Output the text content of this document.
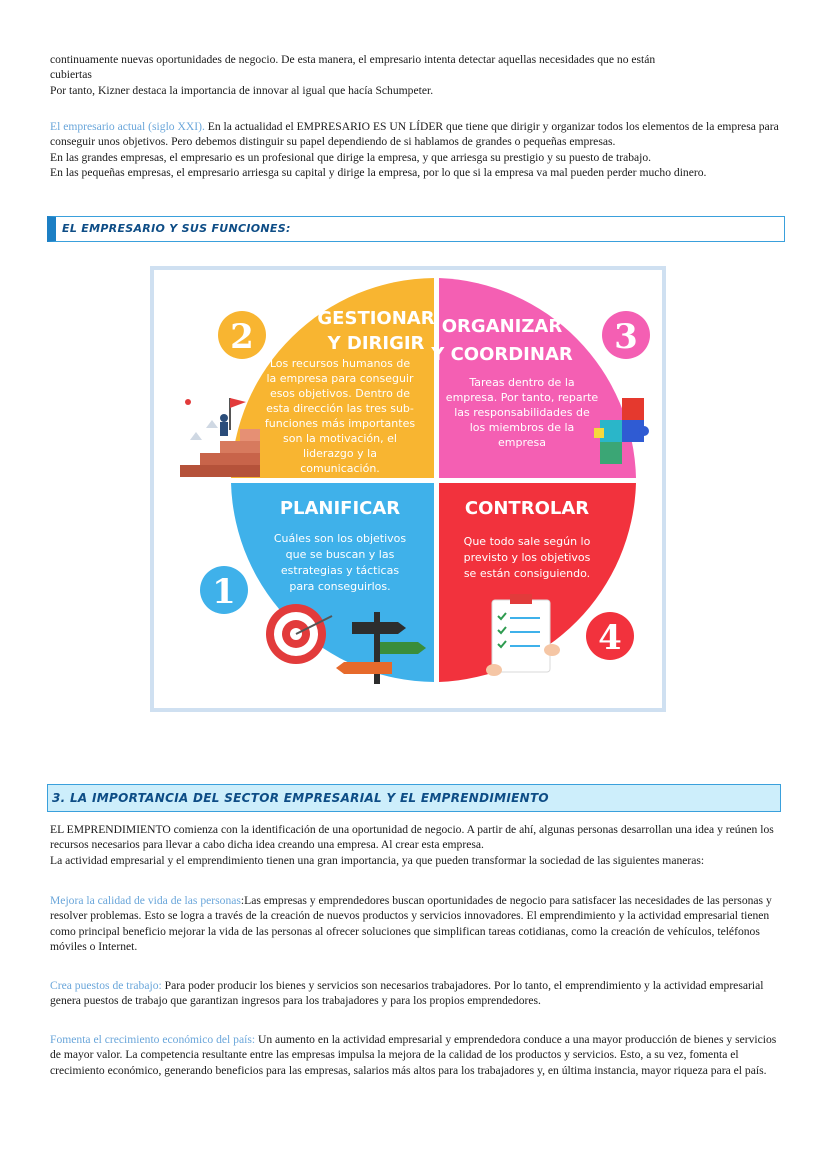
continuamente nuevas oportunidades de negocio. De esta manera, el empresario intenta detectar aquellas necesidades que no están
cubiertas
Por tanto, Kizner destaca la importancia de innovar al igual que hacía Schumpeter.

El empresario actual (siglo XXI). En la actualidad el EMPRESARIO ES UN LÍDER que tiene que dirigir y organizar todos los elementos de la empresa para conseguir unos objetivos. Pero debemos distinguir su papel dependiendo de si hablamos de grandes o pequeñas empresas.
En las grandes empresas, el empresario es un profesional que dirige la empresa, y que arriesga su prestigio y su puesto de trabajo.
En las pequeñas empresas, el empresario arriesga su capital y dirige la empresa, por lo que si la empresa va mal pueden perder mucho dinero.

EL EMPRESARIO Y SUS FUNCIONES:
2	3
1
4
GESTIONAR
Y DIRIGIR
Los recursos humanos de
la empresa para conseguir
esos objetivos. Dentro de
esta dirección las tres sub-
funciones más importantes
son la motivación, el
liderazgo y la
comunicación.
ORGANIZAR
Y COORDINAR
Tareas dentro de la
empresa. Por tanto, reparte
las responsabilidades de
los miembros de la
empresa
PLANIFICAR
Cuáles son los objetivos
que se buscan y las
estrategias y tácticas
para conseguirlos.
CONTROLAR
Que todo sale según lo
previsto y los objetivos
se están consiguiendo.
3. LA IMPORTANCIA DEL SECTOR EMPRESARIAL Y EL EMPRENDIMIENTO

EL EMPRENDIMIENTO comienza con la identificación de una oportunidad de negocio. A partir de ahí, algunas personas desarrollan una idea y reúnen los recursos necesarios para llevar a cabo dicha idea creando una empresa. Al crear esta empresa.
La actividad empresarial y el emprendimiento tienen una gran importancia, ya que pueden transformar la sociedad de las siguientes maneras:

Mejora la calidad de vida de las personas:Las empresas y emprendedores buscan oportunidades de negocio para satisfacer las necesidades de las personas y resolver problemas. Esto se logra a través de la creación de nuevos productos y servicios innovadores. El emprendimiento y la actividad empresarial tienen como principal beneficio mejorar la vida de las personas al ofrecer soluciones que simplifican tareas cotidianas, como la creación de vehículos, teléfonos móviles o Internet.

Crea puestos de trabajo: Para poder producir los bienes y servicios son necesarios trabajadores. Por lo tanto, el emprendimiento y la actividad empresarial genera puestos de trabajo que garantizan ingresos para los trabajadores y para los propios emprendedores.

Fomenta el crecimiento económico del país: Un aumento en la actividad empresarial y emprendedora conduce a una mayor producción de bienes y servicios de mayor valor. La competencia resultante entre las empresas impulsa la mejora de la calidad de los productos y servicios. Esto, a su vez, fomenta el crecimiento económico, generando beneficios para las empresas, salarios más altos para los trabajadores y, en última instancia, mayor riqueza para el país.
